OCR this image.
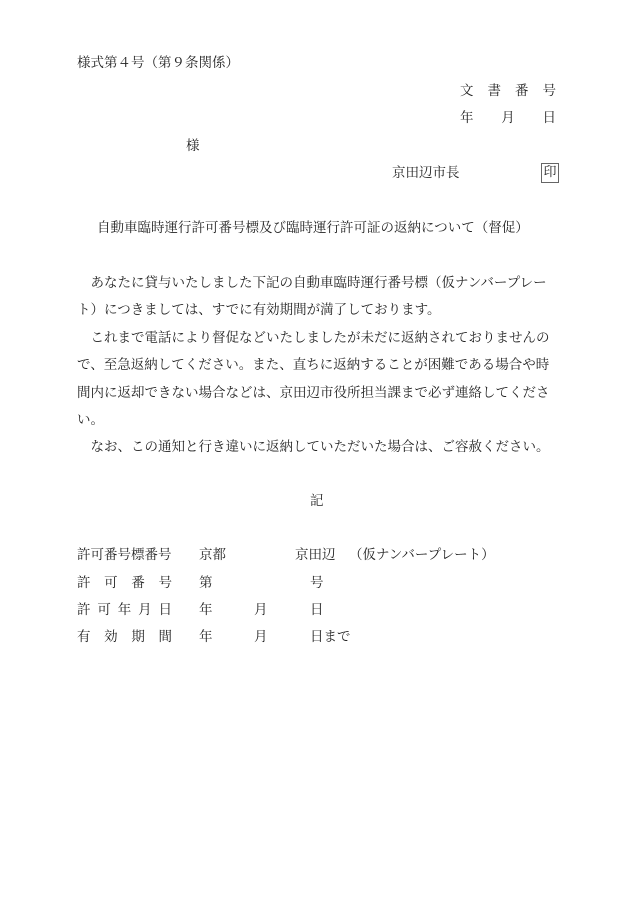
様式第４号（第９条関係）
文 書 番 号
年 月 日
様
京田辺市長	印
自動車臨時運行許可番号標及び臨時運行許可証の返納について（督促）
　あなたに貸与いたしました下記の自動車臨時運行番号標（仮ナンバープレー
ト）につきましては、すでに有効期間が満了しております。
　これまで電話により督促などいたしましたが未だに返納されておりませんの
で、至急返納してください。また、直ちに返納することが困難である場合や時
間内に返却できない場合などは、京田辺市役所担当課まで必ず連絡してくださ
い。
　なお、この通知と行き違いに返納していただいた場合は、ご容赦ください。
記
許可番号標番号 京都	京田辺 （仮ナンバープレート）
許 可 番 号 第	号
許 可 年 月 日 年	月	日
有 効 期 間 年	月	日まで
